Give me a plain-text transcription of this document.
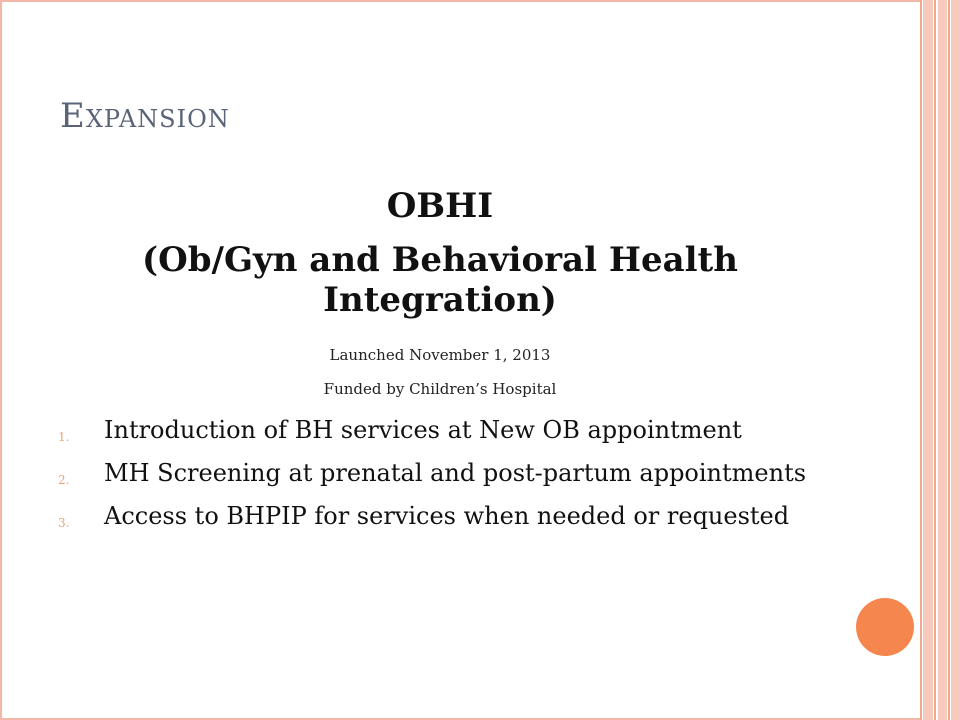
Expansion
OBHI
(Ob/Gyn and Behavioral Health Integration)
Launched November 1, 2013
Funded by Children’s Hospital
1. Introduction of BH services at New OB appointment
2. MH Screening at prenatal and post-partum appointments
3. Access to BHPIP for services when needed or requested
